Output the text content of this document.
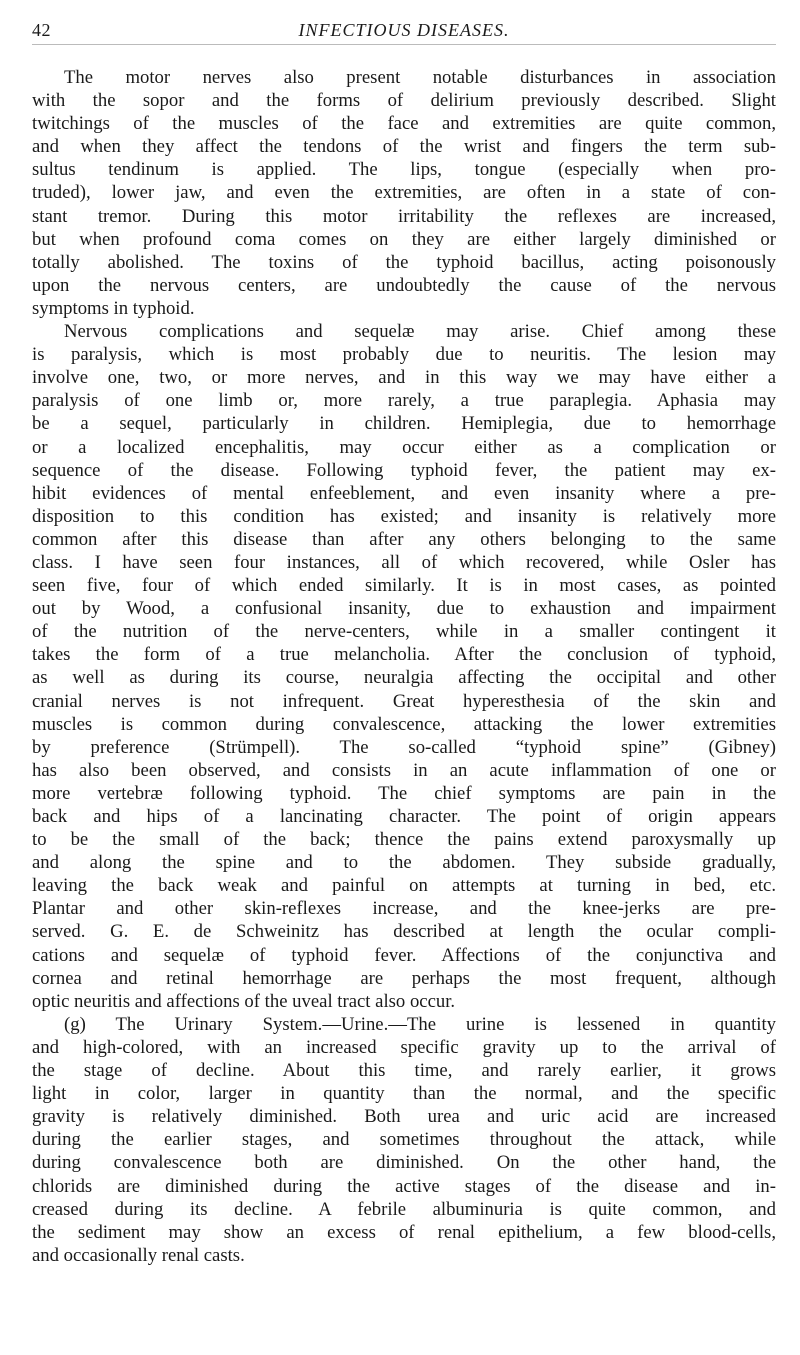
42	INFECTIOUS DISEASES.
The motor nerves also present notable disturbances in association
with the sopor and the forms of delirium previously described. Slight
twitchings of the muscles of the face and extremities are quite common,
and when they affect the tendons of the wrist and fingers the term sub-
sultus tendinum is applied. The lips, tongue (especially when pro-
truded), lower jaw, and even the extremities, are often in a state of con-
stant tremor. During this motor irritability the reflexes are increased,
but when profound coma comes on they are either largely diminished or
totally abolished. The toxins of the typhoid bacillus, acting poisonously
upon the nervous centers, are undoubtedly the cause of the nervous
symptoms in typhoid.
Nervous complications and sequelæ may arise. Chief among these
is paralysis, which is most probably due to neuritis. The lesion may
involve one, two, or more nerves, and in this way we may have either a
paralysis of one limb or, more rarely, a true paraplegia. Aphasia may
be a sequel, particularly in children. Hemiplegia, due to hemorrhage
or a localized encephalitis, may occur either as a complication or
sequence of the disease. Following typhoid fever, the patient may ex-
hibit evidences of mental enfeeblement, and even insanity where a pre-
disposition to this condition has existed; and insanity is relatively more
common after this disease than after any others belonging to the same
class. I have seen four instances, all of which recovered, while Osler has
seen five, four of which ended similarly. It is in most cases, as pointed
out by Wood, a confusional insanity, due to exhaustion and impairment
of the nutrition of the nerve-centers, while in a smaller contingent it
takes the form of a true melancholia. After the conclusion of typhoid,
as well as during its course, neuralgia affecting the occipital and other
cranial nerves is not infrequent. Great hyperesthesia of the skin and
muscles is common during convalescence, attacking the lower extremities
by preference (Strümpell). The so-called “typhoid spine” (Gibney)
has also been observed, and consists in an acute inflammation of one or
more vertebræ following typhoid. The chief symptoms are pain in the
back and hips of a lancinating character. The point of origin appears
to be the small of the back; thence the pains extend paroxysmally up
and along the spine and to the abdomen. They subside gradually,
leaving the back weak and painful on attempts at turning in bed, etc.
Plantar and other skin-reflexes increase, and the knee-jerks are pre-
served. G. E. de Schweinitz has described at length the ocular compli-
cations and sequelæ of typhoid fever. Affections of the conjunctiva and
cornea and retinal hemorrhage are perhaps the most frequent, although
optic neuritis and affections of the uveal tract also occur.
(g) The Urinary System.—Urine.—The urine is lessened in quantity
and high-colored, with an increased specific gravity up to the arrival of
the stage of decline. About this time, and rarely earlier, it grows
light in color, larger in quantity than the normal, and the specific
gravity is relatively diminished. Both urea and uric acid are increased
during the earlier stages, and sometimes throughout the attack, while
during convalescence both are diminished. On the other hand, the
chlorids are diminished during the active stages of the disease and in-
creased during its decline. A febrile albuminuria is quite common, and
the sediment may show an excess of renal epithelium, a few blood-cells,
and occasionally renal casts.
